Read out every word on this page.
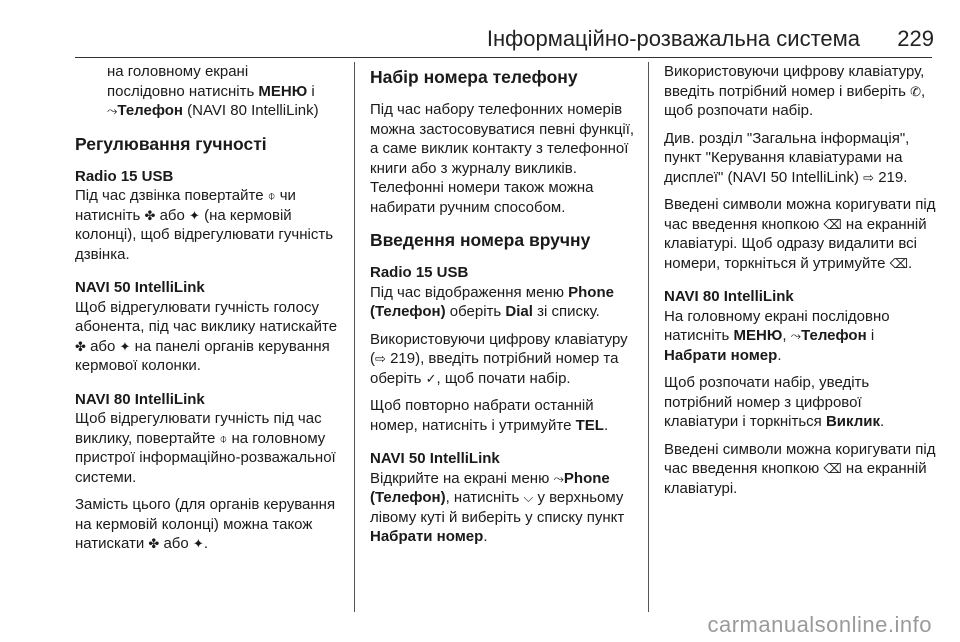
Інформаційно-розважальна система 229

на головному екрані
послідовно натисніть МЕНЮ і
⤳Телефон (NAVI 80 IntelliLink)

Регулювання гучності
Radio 15 USB

Під час дзвінка повертайте ⌽ чи натисніть ✤ або ✦ (на кермовій колонці), щоб відрегулювати гучність дзвінка.

NAVI 50 IntelliLink

Щоб відрегулювати гучність голосу абонента, під час виклику натискайте ✤ або ✦ на панелі органів керування кермової колонки.

NAVI 80 IntelliLink

Щоб відрегулювати гучність під час виклику, повертайте ⌽ на головному пристрої інформаційно-розважальної системи.

Замість цього (для органів керування на кермовій колонці) можна також натискати ✤ або ✦.

Набір номера телефону

Під час набору телефонних номерів можна застосовуватися певні функції, а саме виклик контакту з телефонної книги або з журналу викликів. Телефонні номери також можна набирати ручним способом.

Введення номера вручну
Radio 15 USB

Під час відображення меню Phone (Телефон) оберіть Dial зі списку.

Використовуючи цифрову клавіатуру (⇨ 219), введіть потрібний номер та оберіть ✓, щоб почати набір.

Щоб повторно набрати останній номер, натисніть і утримуйте TEL.

NAVI 50 IntelliLink

Відкрийте на екрані меню ⤳Phone (Телефон), натисніть ⌵ у верхньому лівому куті й виберіть у списку пункт Набрати номер.

Використовуючи цифрову клавіатуру, введіть потрібний номер і виберіть ✆, щоб розпочати набір.

Див. розділ "Загальна інформація", пункт "Керування клавіатурами на дисплеї" (NAVI 50 IntelliLink) ⇨ 219.

Введені символи можна коригувати під час введення кнопкою ⌫ на екранній клавіатурі. Щоб одразу видалити всі номери, торкніться й утримуйте ⌫.

NAVI 80 IntelliLink

На головному екрані послідовно натисніть МЕНЮ, ⤳Телефон і Набрати номер.

Щоб розпочати набір, уведіть потрібний номер з цифрової клавіатури і торкніться Виклик.

Введені символи можна коригувати під час введення кнопкою ⌫ на екранній клавіатурі.

carmanualsonline.info
